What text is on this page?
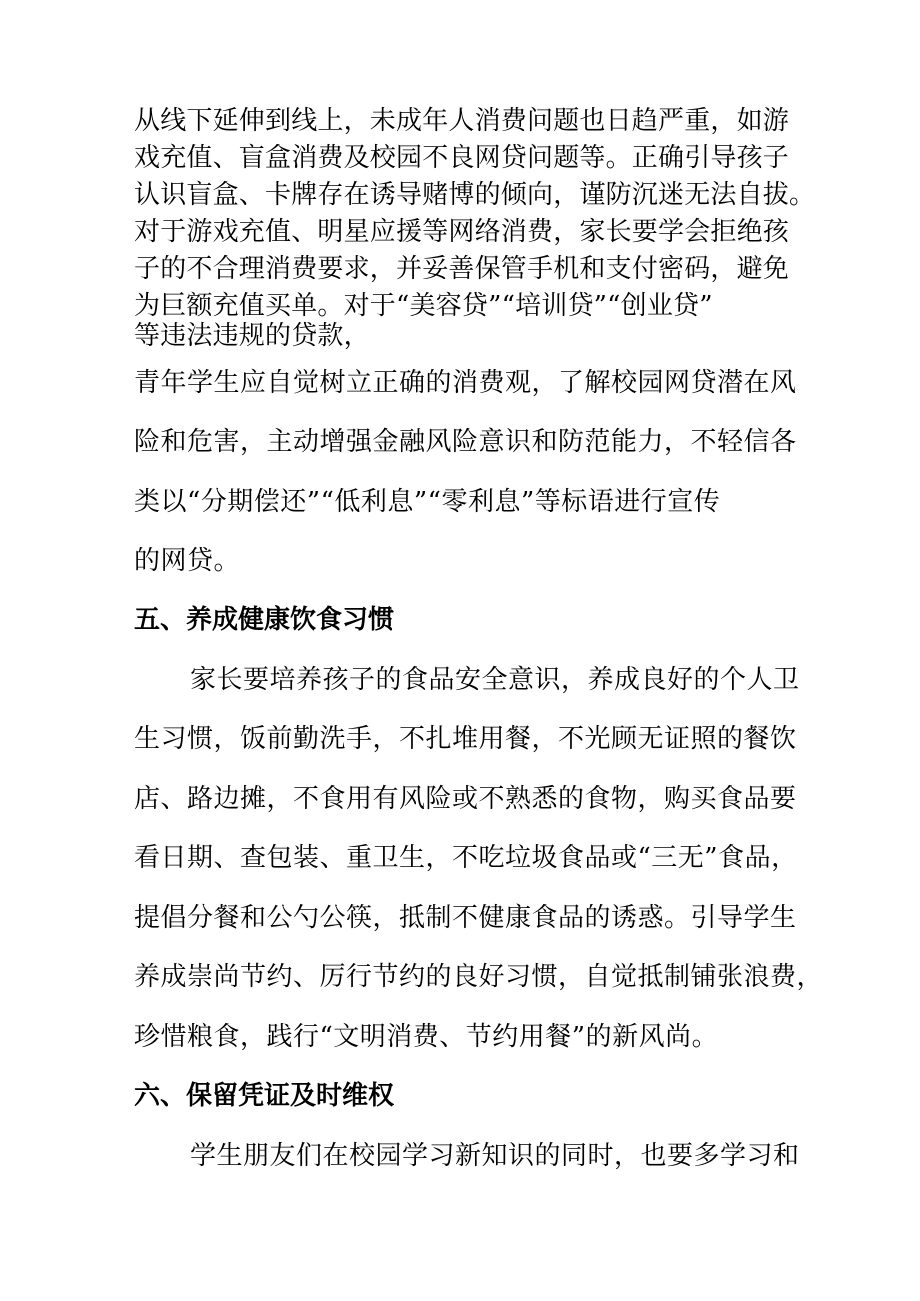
从线下延伸到线上，未成年人消费问题也日趋严重，如游

戏充值、盲盒消费及校园不良网贷问题等。正确引导孩子

认识盲盒、卡牌存在诱导赌博的倾向，谨防沉迷无法自拔。

对于游戏充值、明星应援等网络消费，家长要学会拒绝孩

子的不合理消费要求，并妥善保管手机和支付密码，避免

为巨额充值买单。对于“美容贷”“培训贷”“创业贷”

等违法违规的贷款，

青年学生应自觉树立正确的消费观，了解校园网贷潜在风

险和危害，主动增强金融风险意识和防范能力，不轻信各

类以“分期偿还”“低利息”“零利息”等标语进行宣传

的网贷。

五、养成健康饮食习惯

家长要培养孩子的食品安全意识，养成良好的个人卫

生习惯，饭前勤洗手，不扎堆用餐，不光顾无证照的餐饮

店、路边摊，不食用有风险或不熟悉的食物，购买食品要

看日期、查包装、重卫生，不吃垃圾食品或“三无”食品，

提倡分餐和公勺公筷，抵制不健康食品的诱惑。引导学生

养成崇尚节约、厉行节约的良好习惯，自觉抵制铺张浪费，

珍惜粮食，践行“文明消费、节约用餐”的新风尚。

六、保留凭证及时维权

学生朋友们在校园学习新知识的同时，也要多学习和
